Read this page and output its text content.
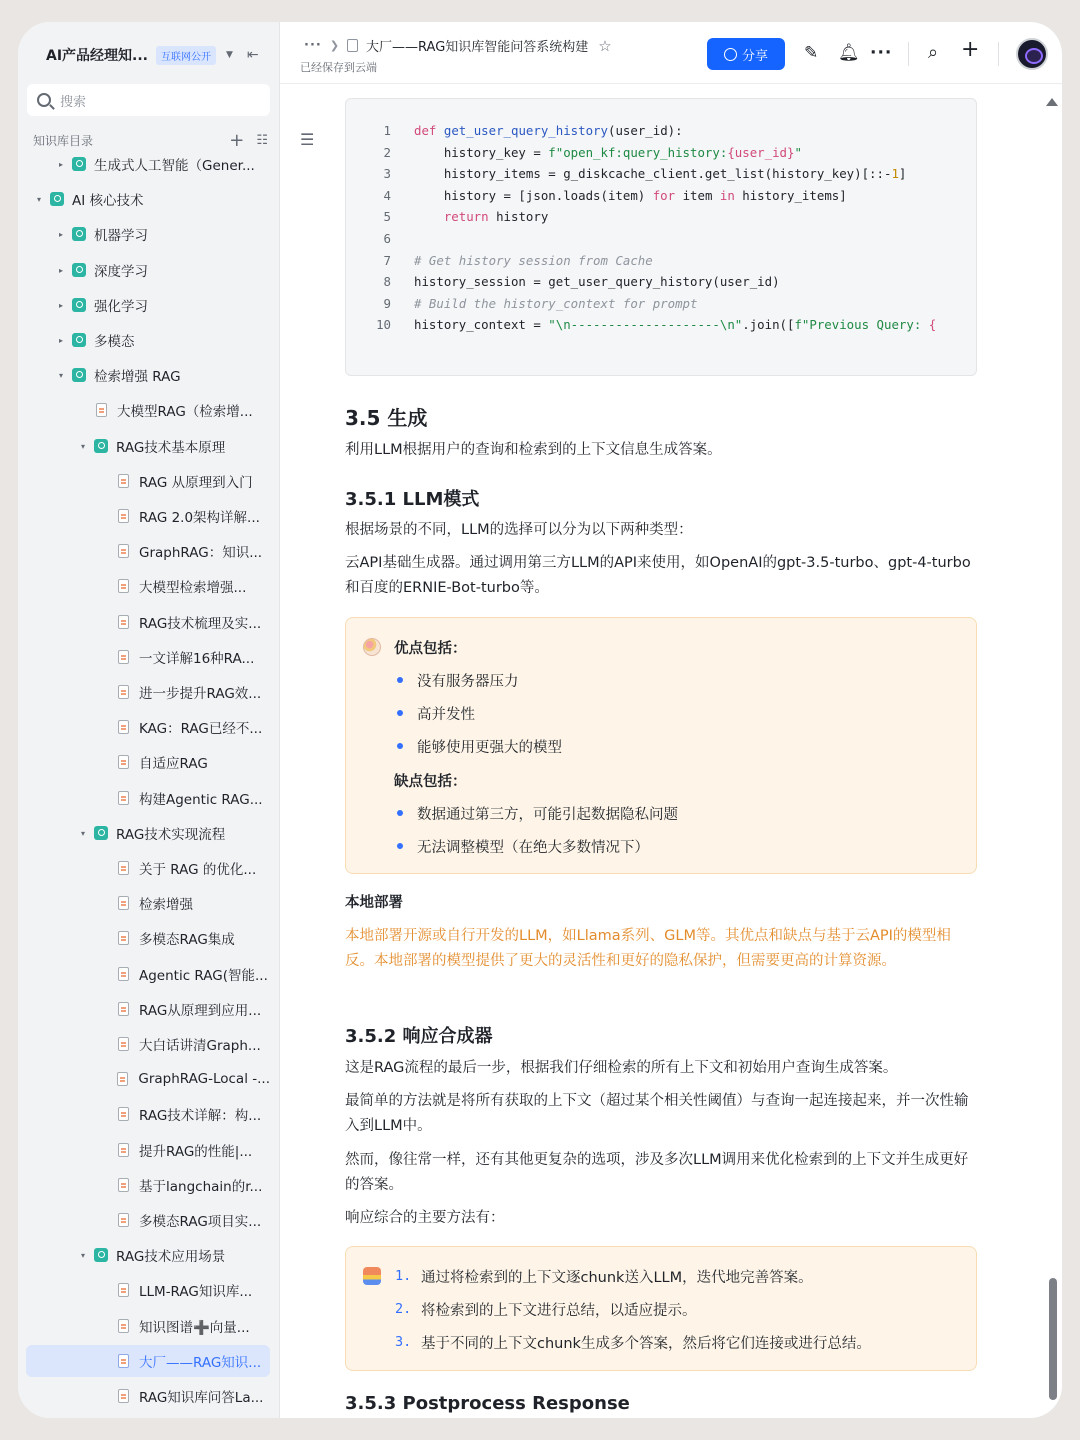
AI产品经理知...	互联网公开	▼ ⇤
搜索
知识库目录	+ ☷
▸	生成式人工智能（Gener...
▾	AI 核心技术
▸	机器学习
▸	深度学习
▸	强化学习
▸	多模态
▾	检索增强 RAG
大模型RAG（检索增...
▾	RAG技术基本原理
RAG 从原理到入门
RAG 2.0架构详解...
GraphRAG：知识...
大模型检索增强...
RAG技术梳理及实...
一文详解16种RA...
进一步提升RAG效...
KAG：RAG已经不...
自适应RAG
构建Agentic RAG...
▾	RAG技术实现流程
关于 RAG 的优化...
检索增强
多模态RAG集成
Agentic RAG(智能...
RAG从原理到应用...
大白话讲清Graph...
GraphRAG-Local -...
RAG技术详解：构...
提升RAG的性能|...
基于langchain的r...
多模态RAG项目实...
▾	RAG技术应用场景
LLM-RAG知识库...
知识图谱➕向量...
大厂——RAG知识...
RAG知识库问答La...
··· ❯ 大厂——RAG知识库智能问答系统构建 ☆
已经保存到云端
分享 ✎ 🔔︎ ··· ⌕ +
☰	1 def get_user_query_history(user_id):
2 history_key = f"open_kf:query_history:{user_id}"
3 history_items = g_diskcache_client.get_list(history_key)[::-1]
4 history = [json.loads(item) for item in history_items]
5	return history
6
7 # Get history session from Cache
8 history_session = get_user_query_history(user_id)
9 # Build the history_context for prompt
10 history_context = "\n--------------------\n".join([f"Previous Query: {
3.5 生成
利用LLM根据用户的查询和检索到的上下文信息生成答案。
3.5.1 LLM模式
根据场景的不同，LLM的选择可以分为以下两种类型：
云API基础生成器。通过调用第三方LLM的API来使用，如OpenAI的gpt-3.5-turbo、gpt-4-turbo和百度的ERNIE-Bot-turbo等。
优点包括：
没有服务器压力
高并发性
能够使用更强大的模型
缺点包括：
数据通过第三方，可能引起数据隐私问题
无法调整模型（在绝大多数情况下）
本地部署
本地部署开源或自行开发的LLM，如Llama系列、GLM等。其优点和缺点与基于云API的模型相反。本地部署的模型提供了更大的灵活性和更好的隐私保护，但需要更高的计算资源。
3.5.2 响应合成器
这是RAG流程的最后一步，根据我们仔细检索的所有上下文和初始用户查询生成答案。
最简单的方法就是将所有获取的上下文（超过某个相关性阈值）与查询一起连接起来，并一次性输入到LLM中。
然而，像往常一样，还有其他更复杂的选项，涉及多次LLM调用来优化检索到的上下文并生成更好的答案。
响应综合的主要方法有：
1. 通过将检索到的上下文逐chunk送入LLM，迭代地完善答案。
2. 将检索到的上下文进行总结，以适应提示。
3. 基于不同的上下文chunk生成多个答案，然后将它们连接或进行总结。
3.5.3 Postprocess Response
